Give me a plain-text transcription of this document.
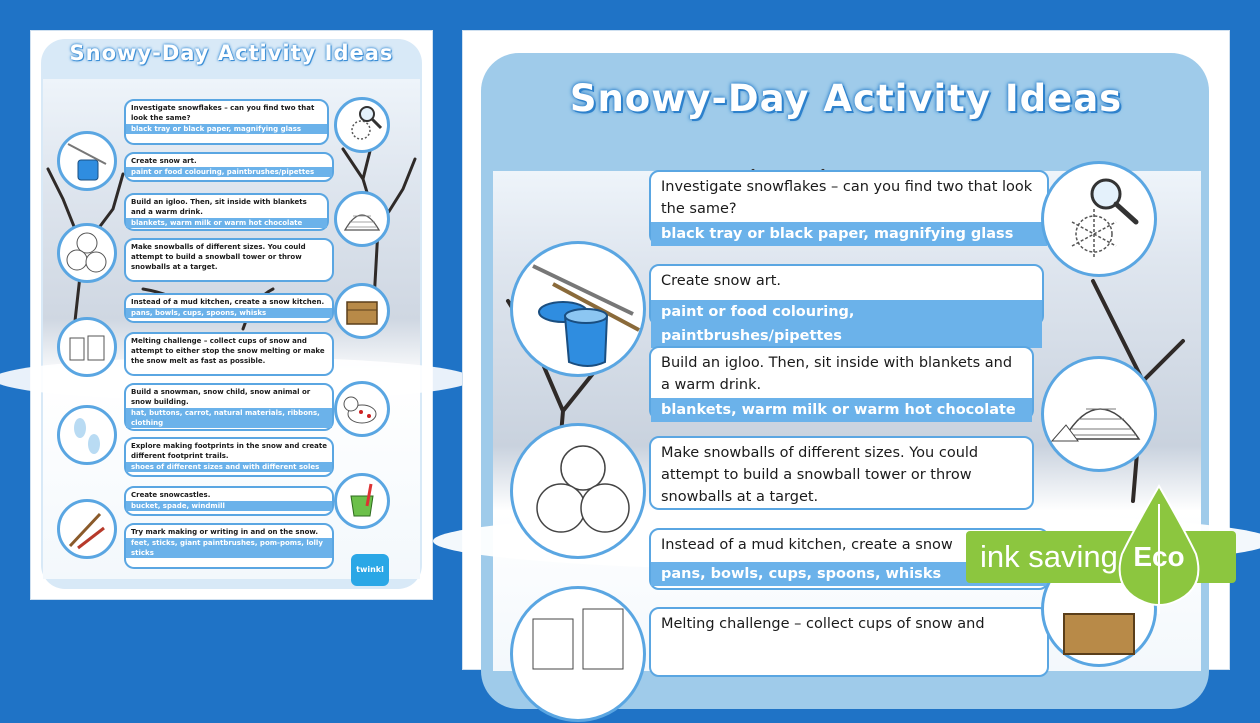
Snowy-Day Activity Ideas
Investigate snowflakes – can you find two that look the same?
black tray or black paper, magnifying glass
Create snow art.
paint or food colouring, paintbrushes/pipettes
Build an igloo. Then, sit inside with blankets and a warm drink.
blankets, warm milk or warm hot chocolate
Make snowballs of different sizes. You could attempt to build a snowball tower or throw snowballs at a target.
Instead of a mud kitchen, create a snow kitchen.
pans, bowls, cups, spoons, whisks
Melting challenge – collect cups of snow and attempt to either stop the snow melting or make the snow melt as fast as possible.
Build a snowman, snow child, snow animal or snow building.
hat, buttons, carrot, natural materials, ribbons, clothing
Explore making footprints in the snow and create different footprint trails.
shoes of different sizes and with different soles
Create snowcastles.
bucket, spade, windmill
Try mark making or writing in and on the snow.
feet, sticks, giant paintbrushes, pom-poms, lolly sticks
twinkl
Snowy-Day Activity Ideas
Investigate snowflakes – can you find two that look the same?
black tray or black paper, magnifying glass
Create snow art.
paint or food colouring, paintbrushes/pipettes
Build an igloo. Then, sit inside with blankets and a warm drink.
blankets, warm milk or warm hot chocolate
Make snowballs of different sizes. You could attempt to build a snowball tower or throw snowballs at a target.
Instead of a mud kitchen, create a snow
pans, bowls, cups, spoons, whisks
Melting challenge – collect cups of snow and
ink saving Eco
